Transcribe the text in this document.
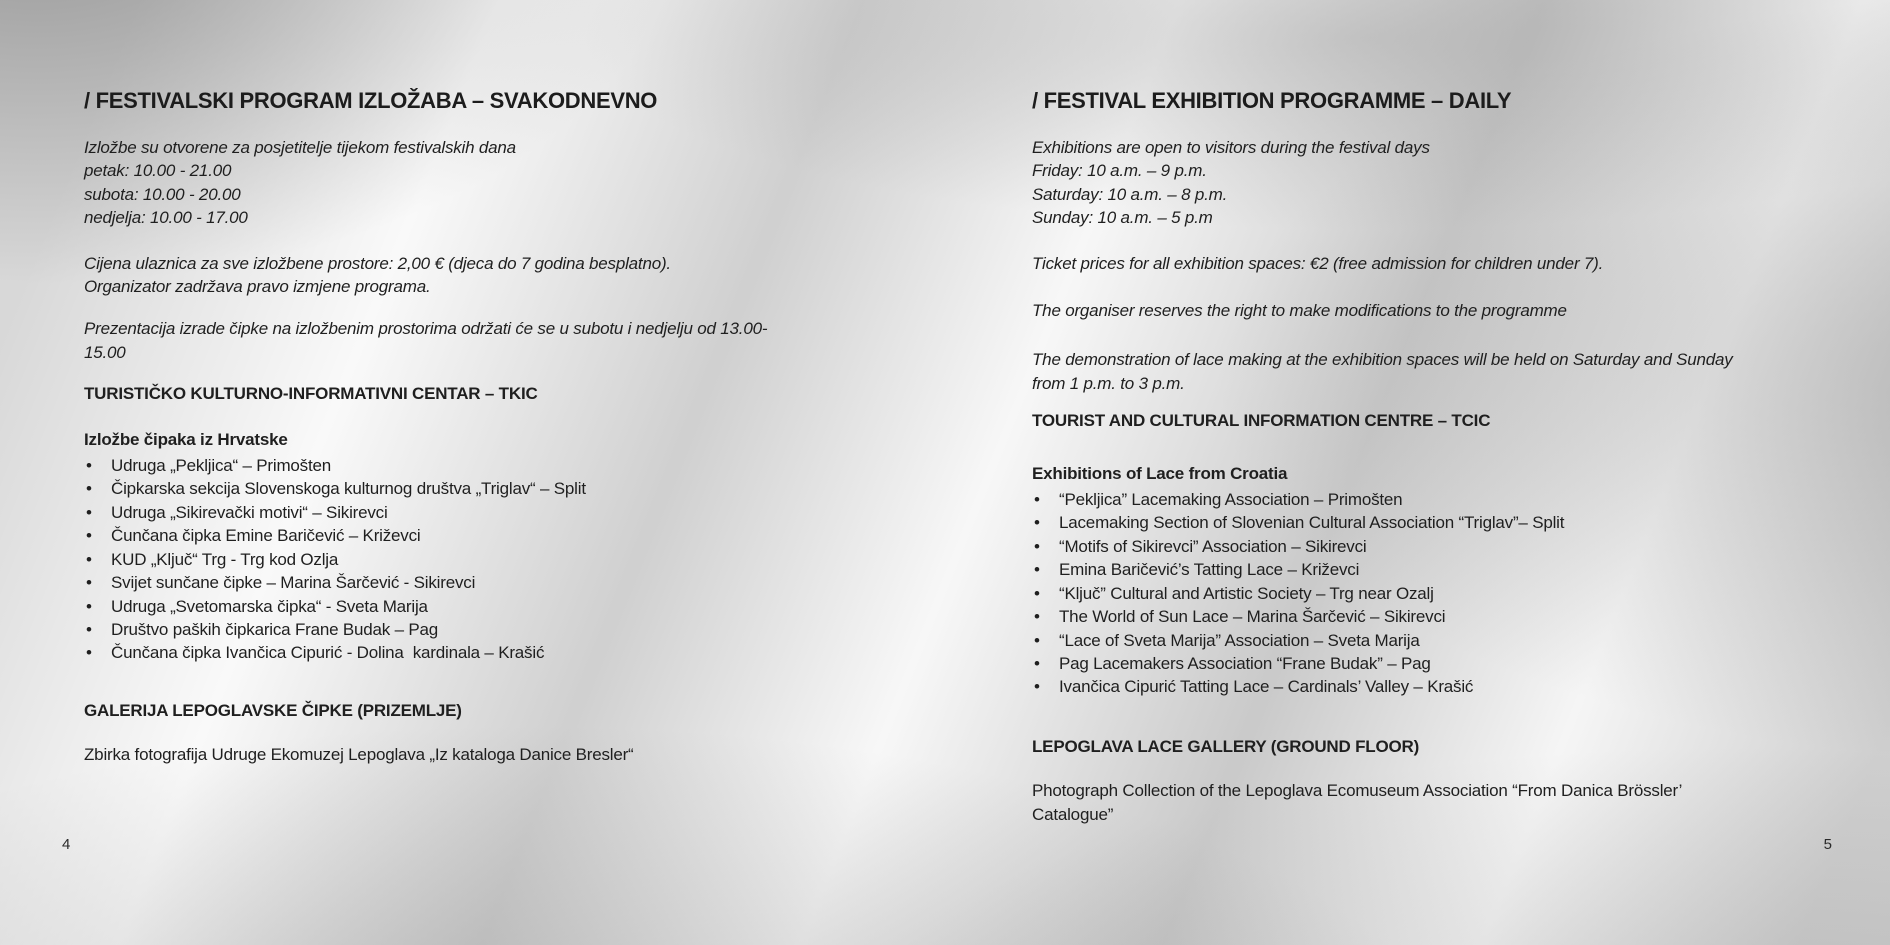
/ FESTIVALSKI PROGRAM IZLOŽABA – SVAKODNEVNO

Izložbe su otvorene za posjetitelje tijekom festivalskih dana
petak: 10.00 - 21.00
subota: 10.00 - 20.00
nedjelja: 10.00 - 17.00

Cijena ulaznica za sve izložbene prostore: 2,00 € (djeca do 7 godina besplatno).
Organizator zadržava pravo izmjene programa.

Prezentacija izrade čipke na izložbenim prostorima održati će se u subotu i nedjelju od 13.00-15.00

TURISTIČKO KULTURNO-INFORMATIVNI CENTAR – TKIC
Izložbe čipaka iz Hrvatske
• Udruga „Pekljica“ – Primošten
• Čipkarska sekcija Slovenskoga kulturnog društva „Triglav“ – Split
• Udruga „Sikirevački motivi“ – Sikirevci
• Čunčana čipka Emine Baričević – Križevci
• KUD „Ključ“ Trg - Trg kod Ozlja
• Svijet sunčane čipke – Marina Šarčević - Sikirevci
• Udruga „Svetomarska čipka“ - Sveta Marija
• Društvo paških čipkarica Frane Budak – Pag
• Čunčana čipka Ivančica Cipurić - Dolina  kardinala – Krašić
GALERIJA LEPOGLAVSKE ČIPKE (PRIZEMLJE)

Zbirka fotografija Udruge Ekomuzej Lepoglava „Iz kataloga Danice Bresler“

4
/ FESTIVAL EXHIBITION PROGRAMME – DAILY

Exhibitions are open to visitors during the festival days
Friday: 10 a.m. – 9 p.m.
Saturday: 10 a.m. – 8 p.m.
Sunday: 10 a.m. – 5 p.m

Ticket prices for all exhibition spaces: €2 (free admission for children under 7).

The organiser reserves the right to make modifications to the programme

The demonstration of lace making at the exhibition spaces will be held on Saturday and Sunday from 1 p.m. to 3 p.m.

TOURIST AND CULTURAL INFORMATION CENTRE – TCIC
Exhibitions of Lace from Croatia
• “Pekljica” Lacemaking Association – Primošten
• Lacemaking Section of Slovenian Cultural Association “Triglav”– Split
• “Motifs of Sikirevci” Association – Sikirevci
• Emina Baričević’s Tatting Lace – Križevci
• “Ključ” Cultural and Artistic Society – Trg near Ozalj
• The World of Sun Lace – Marina Šarčević – Sikirevci
• “Lace of Sveta Marija” Association – Sveta Marija
• Pag Lacemakers Association “Frane Budak” – Pag
• Ivančica Cipurić Tatting Lace – Cardinals’ Valley – Krašić
LEPOGLAVA LACE GALLERY (GROUND FLOOR)

Photograph Collection of the Lepoglava Ecomuseum Association “From Danica Brössler’ Catalogue”

5
